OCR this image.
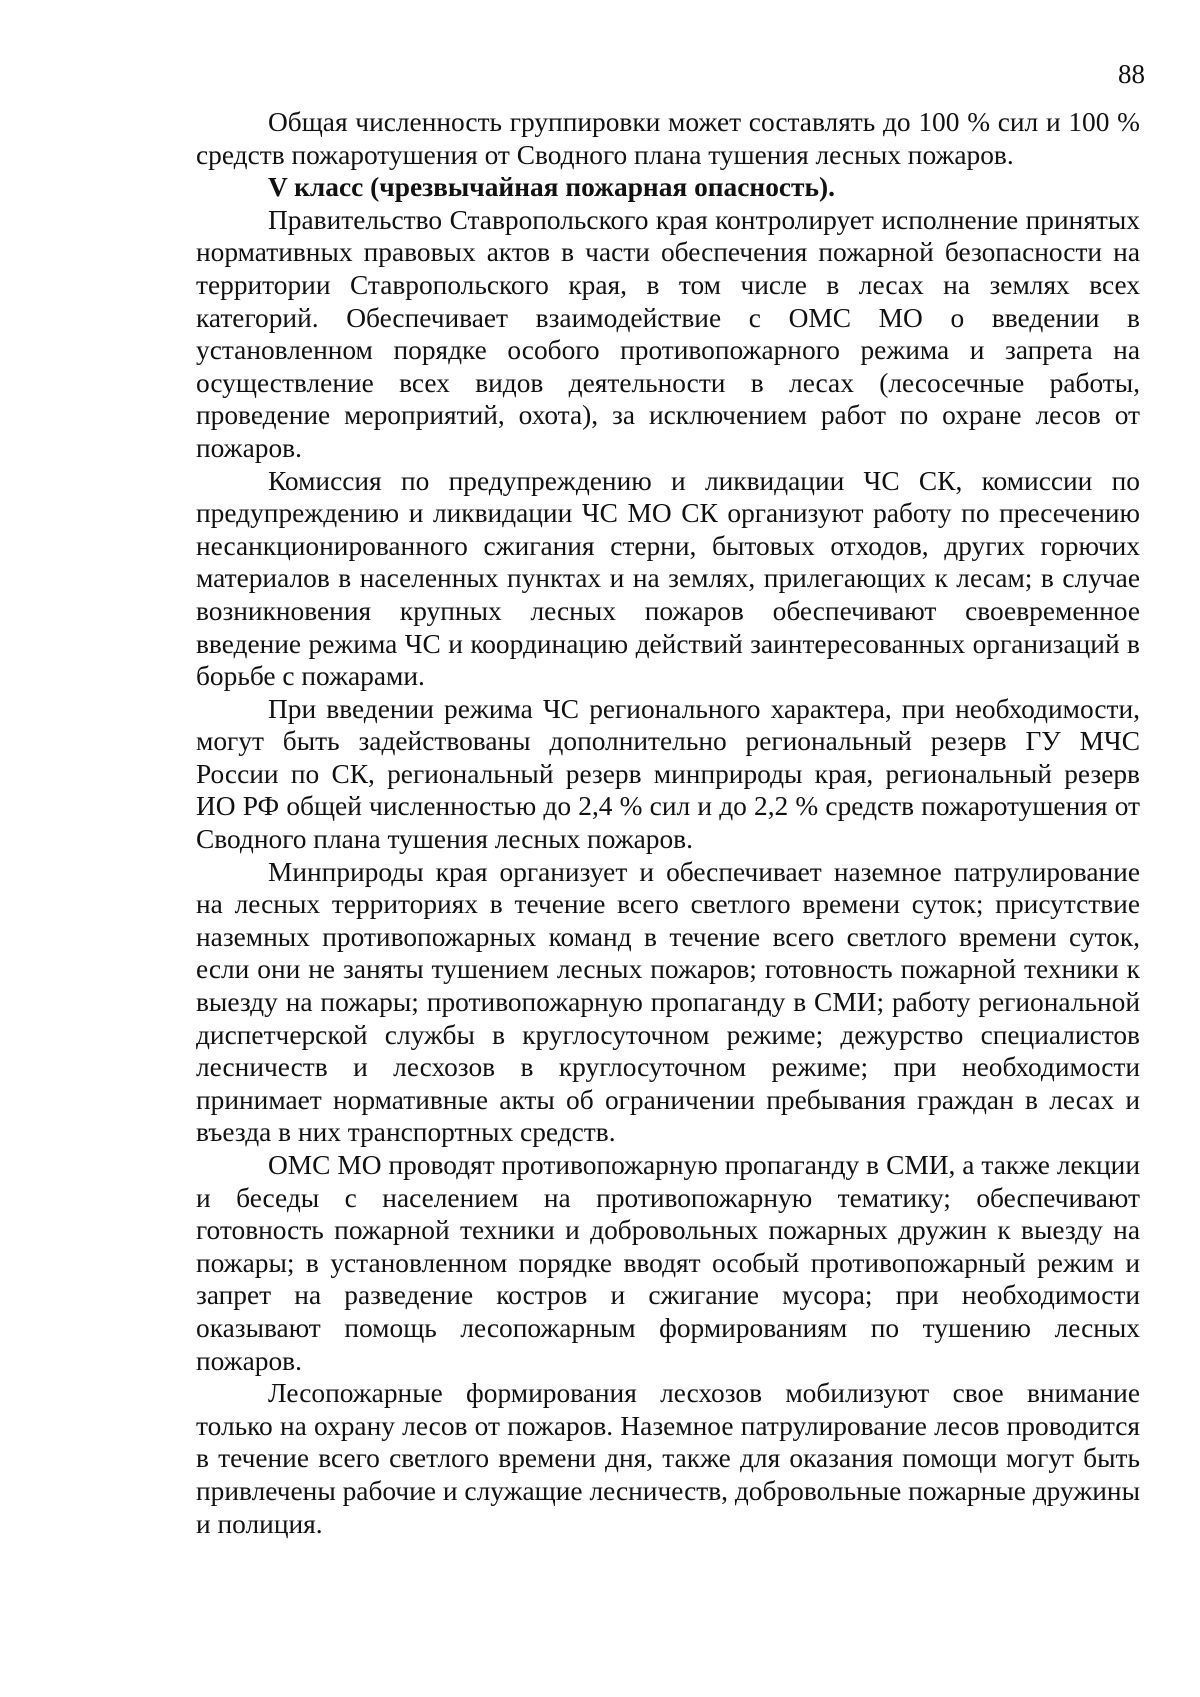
88

Общая численность группировки может составлять до 100 % сил и 100 % средств пожаротушения от Сводного плана тушения лесных пожаров.

V класс (чрезвычайная пожарная опасность).

Правительство Ставропольского края контролирует исполнение принятых нормативных правовых актов в части обеспечения пожарной безопасности на территории Ставропольского края, в том числе в лесах на землях всех категорий. Обеспечивает взаимодействие с ОМС МО о введении в установленном порядке особого противопожарного режима и запрета на осуществление всех видов деятельности в лесах (лесосечные работы, проведение мероприятий, охота), за исключением работ по охране лесов от пожаров.

Комиссия по предупреждению и ликвидации ЧС СК, комиссии по предупреждению и ликвидации ЧС МО СК организуют работу по пресечению несанкционированного сжигания стерни, бытовых отходов, других горючих материалов в населенных пунктах и на землях, прилегающих к лесам; в случае возникновения крупных лесных пожаров обеспечивают своевременное введение режима ЧС и координацию действий заинтересованных организаций в борьбе с пожарами.

При введении режима ЧС регионального характера, при необходимости, могут быть задействованы дополнительно региональный резерв ГУ МЧС России по СК, региональный резерв минприроды края, региональный резерв ИО РФ общей численностью до 2,4 % сил и до 2,2 % средств пожаротушения от Сводного плана тушения лесных пожаров.

Минприроды края организует и обеспечивает наземное патрулирование на лесных территориях в течение всего светлого времени суток; присутствие наземных противопожарных команд в течение всего светлого времени суток, если они не заняты тушением лесных пожаров; готовность пожарной техники к выезду на пожары; противопожарную пропаганду в СМИ; работу региональной диспетчерской службы в круглосуточном режиме; дежурство специалистов лесничеств и лесхозов в круглосуточном режиме; при необходимости принимает нормативные акты об ограничении пребывания граждан в лесах и въезда в них транспортных средств.

ОМС МО проводят противопожарную пропаганду в СМИ, а также лекции и беседы с населением на противопожарную тематику; обеспечивают готовность пожарной техники и добровольных пожарных дружин к выезду на пожары; в установленном порядке вводят особый противопожарный режим и запрет на разведение костров и сжигание мусора; при необходимости оказывают помощь лесопожарным формированиям по тушению лесных пожаров.

Лесопожарные формирования лесхозов мобилизуют свое внимание только на охрану лесов от пожаров. Наземное патрулирование лесов проводится в течение всего светлого времени дня, также для оказания помощи могут быть привлечены рабочие и служащие лесничеств, добровольные пожарные дружины и полиция.
